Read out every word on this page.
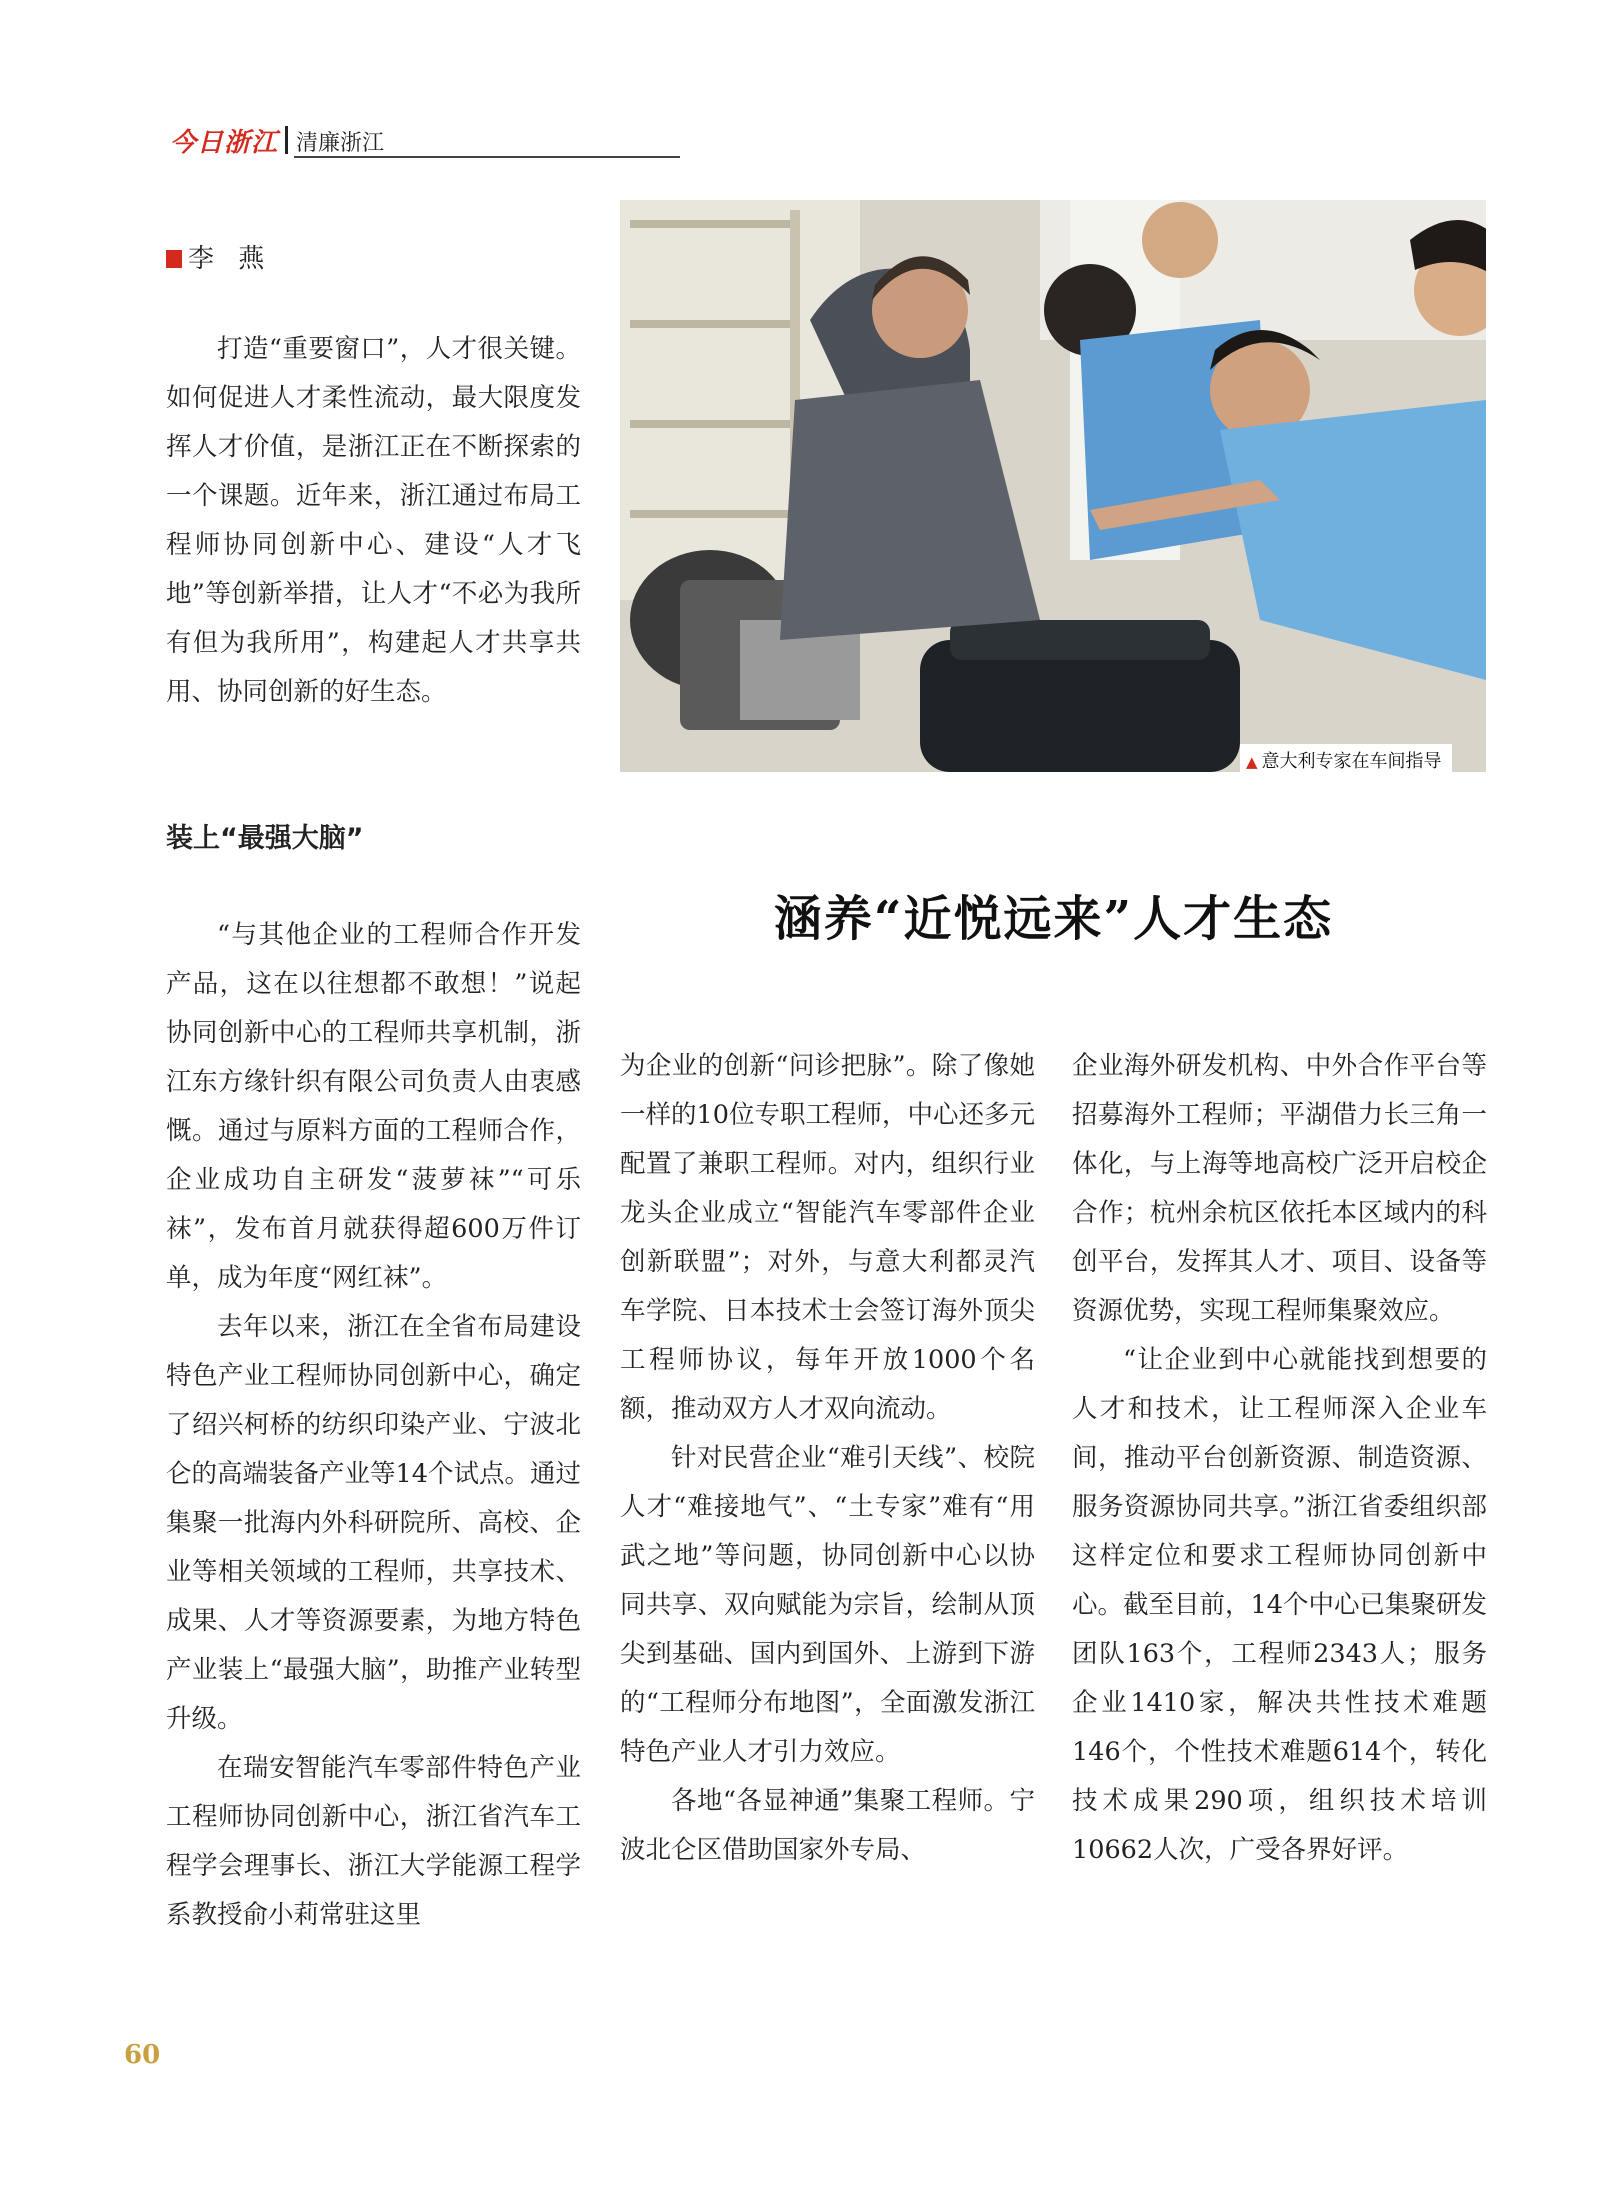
今日浙江 清廉浙江
李 燕

打造“重要窗口”，人才很关键。如何促进人才柔性流动，最大限度发挥人才价值，是浙江正在不断探索的一个课题。近年来，浙江通过布局工程师协同创新中心、建设“人才飞地”等创新举措，让人才“不必为我所有但为我所用”，构建起人才共享共用、协同创新的好生态。

装上“最强大脑”

“与其他企业的工程师合作开发产品，这在以往想都不敢想！”说起协同创新中心的工程师共享机制，浙江东方缘针织有限公司负责人由衷感慨。通过与原料方面的工程师合作，企业成功自主研发“菠萝袜”“可乐袜”，发布首月就获得超600万件订单，成为年度“网红袜”。

去年以来，浙江在全省布局建设特色产业工程师协同创新中心，确定了绍兴柯桥的纺织印染产业、宁波北仑的高端装备产业等14个试点。通过集聚一批海内外科研院所、高校、企业等相关领域的工程师，共享技术、成果、人才等资源要素，为地方特色产业装上“最强大脑”，助推产业转型升级。

在瑞安智能汽车零部件特色产业工程师协同创新中心，浙江省汽车工程学会理事长、浙江大学能源工程学系教授俞小莉常驻这里

▲ 意大利专家在车间指导
涵养“近悦远来”人才生态

为企业的创新“问诊把脉”。除了像她一样的10位专职工程师，中心还多元配置了兼职工程师。对内，组织行业龙头企业成立“智能汽车零部件企业创新联盟”；对外，与意大利都灵汽车学院、日本技术士会签订海外顶尖工程师协议，每年开放1000个名额，推动双方人才双向流动。

针对民营企业“难引天线”、校院人才“难接地气”、“土专家”难有“用武之地”等问题，协同创新中心以协同共享、双向赋能为宗旨，绘制从顶尖到基础、国内到国外、上游到下游的“工程师分布地图”，全面激发浙江特色产业人才引力效应。

各地“各显神通”集聚工程师。宁波北仑区借助国家外专局、

企业海外研发机构、中外合作平台等招募海外工程师；平湖借力长三角一体化，与上海等地高校广泛开启校企合作；杭州余杭区依托本区域内的科创平台，发挥其人才、项目、设备等资源优势，实现工程师集聚效应。

“让企业到中心就能找到想要的人才和技术，让工程师深入企业车间，推动平台创新资源、制造资源、服务资源协同共享。”浙江省委组织部这样定位和要求工程师协同创新中心。截至目前，14个中心已集聚研发团队163个，工程师2343人；服务企业1410家，解决共性技术难题146个，个性技术难题614个，转化技术成果290项，组织技术培训10662人次，广受各界好评。

60
